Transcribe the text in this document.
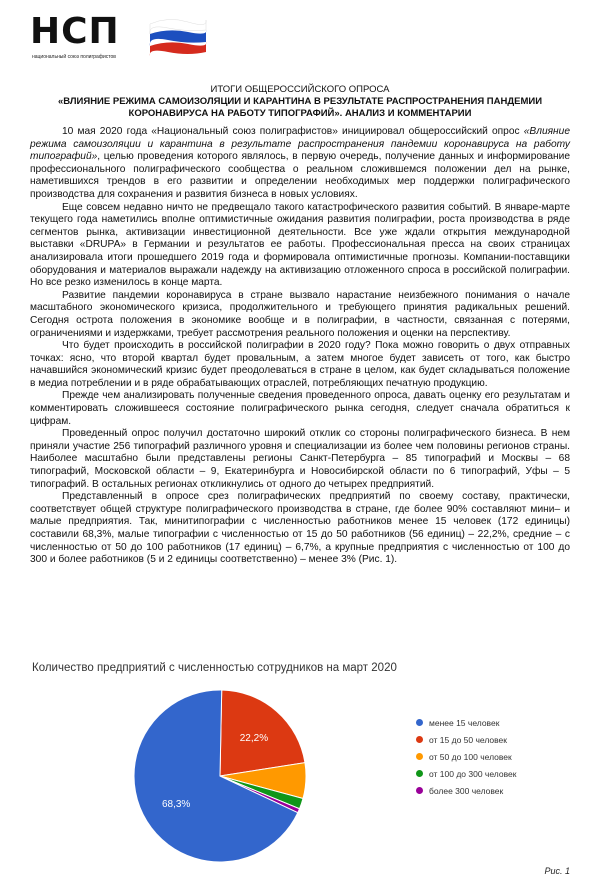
НСП
национальный союз полиграфистов
ИТОГИ ОБЩЕРОССИЙСКОГО ОПРОСА
«ВЛИЯНИЕ РЕЖИМА САМОИЗОЛЯЦИИ И КАРАНТИНА В РЕЗУЛЬТАТЕ РАСПРОСТРАНЕНИЯ ПАНДЕМИИ
КОРОНАВИРУСА НА РАБОТУ ТИПОГРАФИЙ». АНАЛИЗ И КОММЕНТАРИИ

10 мая 2020 года «Национальный союз полиграфистов» инициировал общероссийский опрос «Влияние режима самоизоляции и карантина в результате распространения пандемии коронавируса на работу типографий», целью проведения которого являлось, в первую очередь, получение данных и информирование профессионального полиграфического сообщества о реальном сложившемся положении дел на рынке, наметившихся трендов в его развитии и определении необходимых мер поддержки полиграфического производства для сохранения и развития бизнеса в новых условиях.

Еще совсем недавно ничто не предвещало такого катастрофического развития событий. В январе-марте текущего года наметились вполне оптимистичные ожидания развития полиграфии, роста производства в ряде сегментов рынка, активизации инвестиционной деятельности. Все уже ждали открытия международной выставки «DRUPA» в Германии и результатов ее работы. Профессиональная пресса на своих страницах анализировала итоги прошедшего 2019 года и формировала оптимистичные прогнозы. Компании-поставщики оборудования и материалов выражали надежду на активизацию отложенного спроса в российской полиграфии. Но все резко изменилось в конце марта.

Развитие пандемии коронавируса в стране вызвало нарастание неизбежного понимания о начале масштабного экономического кризиса, продолжительного и требующего принятия радикальных решений. Сегодня острота положения в экономике вообще и в полиграфии, в частности, связанная с потерями, ограничениями и издержками, требует рассмотрения реального положения и оценки на перспективу.

Что будет происходить в российской полиграфии в 2020 году? Пока можно говорить о двух отправных точках: ясно, что второй квартал будет провальным, а затем многое будет зависеть от того, как быстро начавшийся экономический кризис будет преодолеваться в стране в целом, как будет складываться положение в медиа потреблении и в ряде обрабатывающих отраслей, потребляющих печатную продукцию.

Прежде чем анализировать полученные сведения проведенного опроса, давать оценку его результатам и комментировать сложившееся состояние полиграфического рынка сегодня, следует сначала обратиться к цифрам.

Проведенный опрос получил достаточно широкий отклик со стороны полиграфического бизнеса. В нем приняли участие 256 типографий различного уровня и специализации из более чем половины регионов страны. Наиболее масштабно были представлены регионы Санкт-Петербурга – 85 типографий и Москвы – 68 типографий, Московской области – 9, Екатеринбурга и Новосибирской области по 6 типографий, Уфы – 5 типографий. В остальных регионах откликнулись от одного до четырех предприятий.

Представленный в опросе срез полиграфических предприятий по своему составу, практически, соответствует общей структуре полиграфического производства в стране, где более 90% составляют мини– и малые предприятия. Так, минитипографии с численностью работников менее 15 человек (172 единицы) составили 68,3%, малые типографии с численностью от 15 до 50 работников (56 единиц) – 22,2%, средние – с численностью от 50 до 100 работников (17 единиц) – 6,7%, а крупные предприятия с численностью от 100 до 300 и более работников (5 и 2 единицы соответственно) – менее 3% (Рис. 1).

Количество предприятий с численностью сотрудников на март 2020
22,2%
68,3%
менее 15 человек
от 15 до 50 человек
от 50 до 100 человек
от 100 до 300 человек
более 300 человек
Рис. 1
